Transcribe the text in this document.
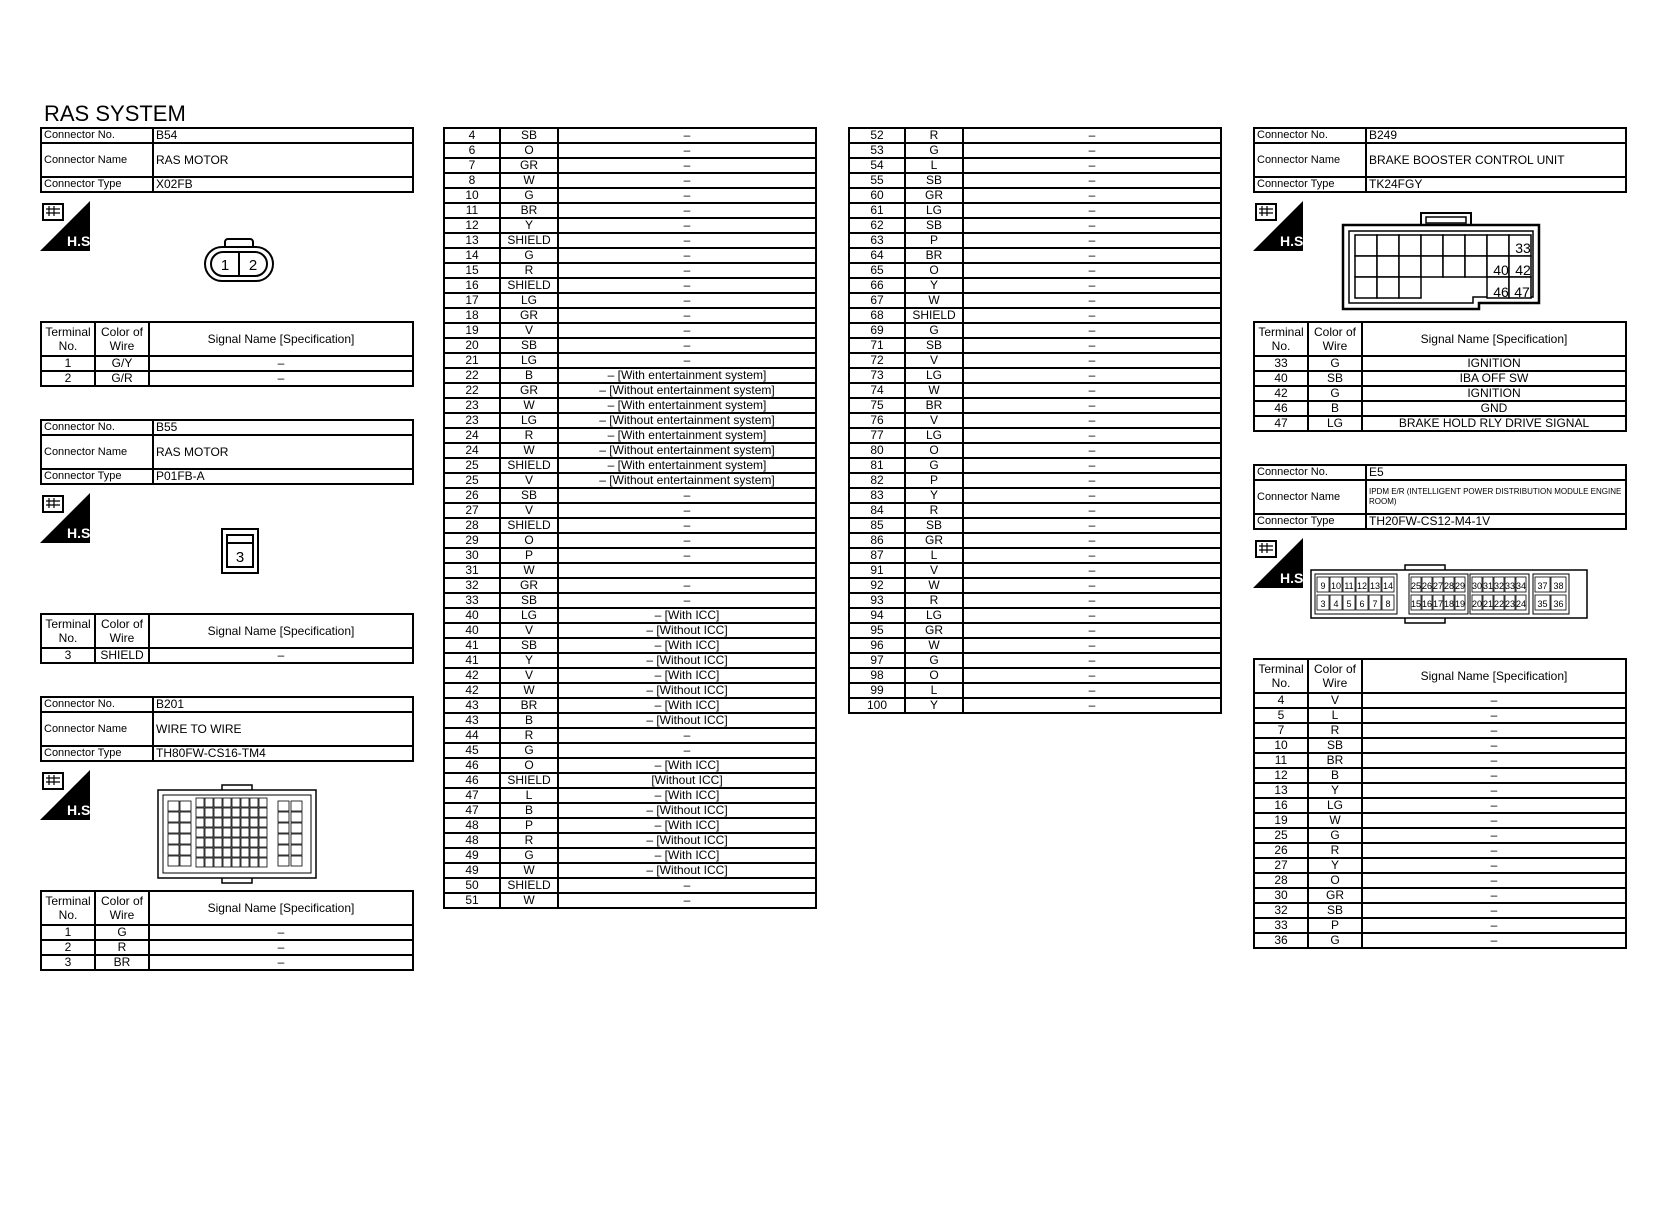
RAS SYSTEM
Connector No.	B54
Connector Name	RAS MOTOR
Connector Type	X02FB
H.S.
1 2
Terminal No.	Color of Wire	Signal Name [Specification]
1	G/Y	–
2	G/R	–
Connector No.	B55
Connector Name	RAS MOTOR
Connector Type	P01FB-A
H.S.
3
Terminal No.	Color of Wire	Signal Name [Specification]
3	SHIELD	–
Connector No.	B201
Connector Name	WIRE TO WIRE
Connector Type	TH80FW-CS16-TM4
H.S.
Terminal No.	Color of Wire	Signal Name [Specification]
1	G	–
2	R	–
3	BR	–
4	SB	–
6	O	–
7	GR	–
8	W	–
10	G	–
11	BR	–
12	Y	–
13	SHIELD	–
14	G	–
15	R	–
16	SHIELD	–
17	LG	–
18	GR	–
19	V	–
20	SB	–
21	LG	–
22	B	– [With entertainment system]
22	GR	– [Without entertainment system]
23	W	– [With entertainment system]
23	LG	– [Without entertainment system]
24	R	– [With entertainment system]
24	W	– [Without entertainment system]
25	SHIELD	– [With entertainment system]
25	V	– [Without entertainment system]
26	SB	–
27	V	–
28	SHIELD	–
29	O	–
30	P	–
31	W	
32	GR	–
33	SB	–
40	LG	– [With ICC]
40	V	– [Without ICC]
41	SB	– [With ICC]
41	Y	– [Without ICC]
42	V	– [With ICC]
42	W	– [Without ICC]
43	BR	– [With ICC]
43	B	– [Without ICC]
44	R	–
45	G	–
46	O	– [With ICC]
46	SHIELD	[Without ICC]
47	L	– [With ICC]
47	B	– [Without ICC]
48	P	– [With ICC]
48	R	– [Without ICC]
49	G	– [With ICC]
49	W	– [Without ICC]
50	SHIELD	–
51	W	–
52	R	–
53	G	–
54	L	–
55	SB	–
60	GR	–
61	LG	–
62	SB	–
63	P	–
64	BR	–
65	O	–
66	Y	–
67	W	–
68	SHIELD	–
69	G	–
71	SB	–
72	V	–
73	LG	–
74	W	–
75	BR	–
76	V	–
77	LG	–
80	O	–
81	G	–
82	P	–
83	Y	–
84	R	–
85	SB	–
86	GR	–
87	L	–
91	V	–
92	W	–
93	R	–
94	LG	–
95	GR	–
96	W	–
97	G	–
98	O	–
99	L	–
100	Y	–
Connector No.	B249
Connector Name	BRAKE BOOSTER CONTROL UNIT
Connector Type	TK24FGY
H.S.	33
40 42
46 47
Terminal No.	Color of Wire	Signal Name [Specification]
33	G	IGNITION
40	SB	IBA OFF SW
42	G	IGNITION
46	B	GND
47	LG	BRAKE HOLD RLY DRIVE SIGNAL
Connector No.	E5
Connector Name	IPDM E/R (INTELLIGENT POWER DISTRIBUTION MODULE ENGINE ROOM)
Connector Type	TH20FW-CS12-M4-1V
H.S. 9
3
10
4
11
5
12
6
13
7
14
8
25
15
26
16
27
17
28
18
29
19
30
20
31
21
32
22
33
23
34
24
37
35
38
36
Terminal No.	Color of Wire	Signal Name [Specification]
4	V	–
5	L	–
7	R	–
10	SB	–
11	BR	–
12	B	–
13	Y	–
16	LG	–
19	W	–
25	G	–
26	R	–
27	Y	–
28	O	–
30	GR	–
32	SB	–
33	P	–
36	G	–
